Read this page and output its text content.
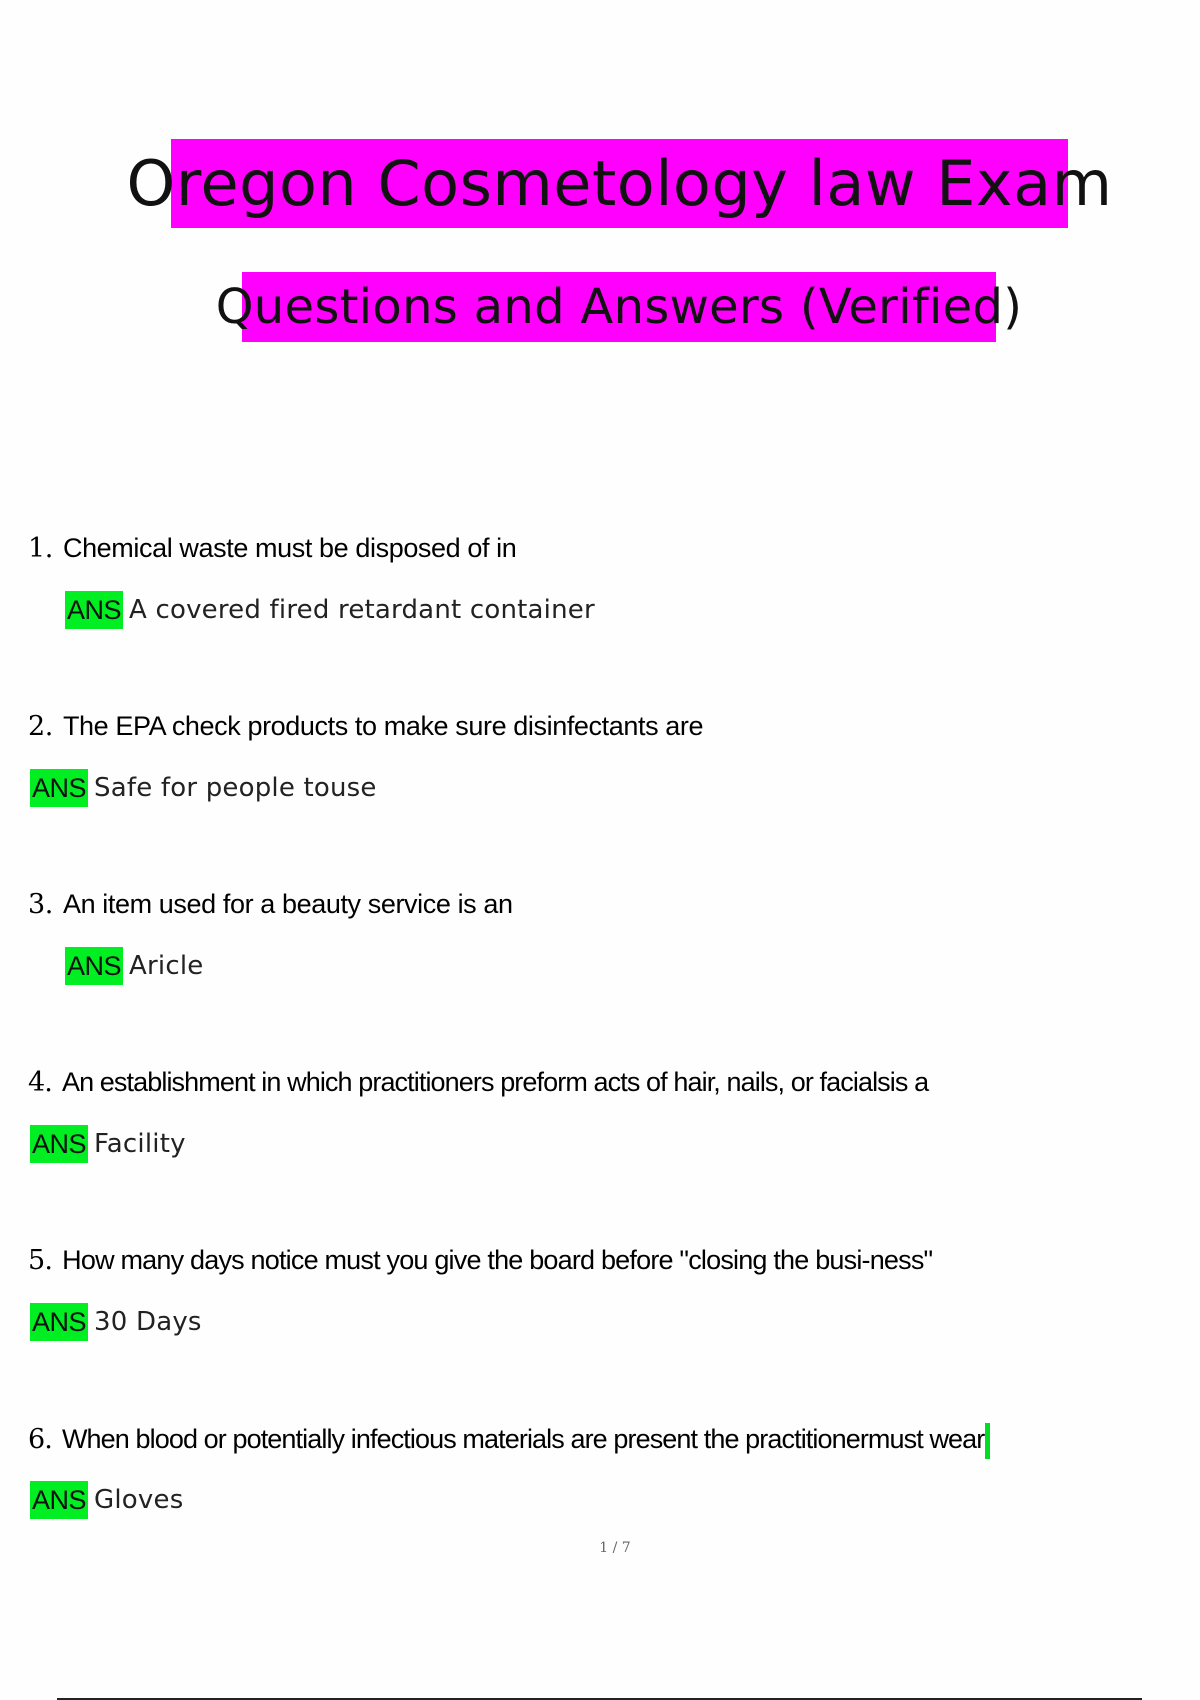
Oregon Cosmetology law Exam
Questions and Answers (Verified)
1. Chemical waste must be disposed of in
ANS A covered fired retardant container
2. The EPA check products to make sure disinfectants are
ANS Safe for people touse
3. An item used for a beauty service is an
ANS Aricle
4. An establishment in which practitioners preform acts of hair, nails, or facialsis a
ANS Facility
5. How many days notice must you give the board before "closing the busi-ness"
ANS 30 Days
6. When blood or potentially infectious materials are present the practitionermust wear
ANS Gloves
1 / 7
